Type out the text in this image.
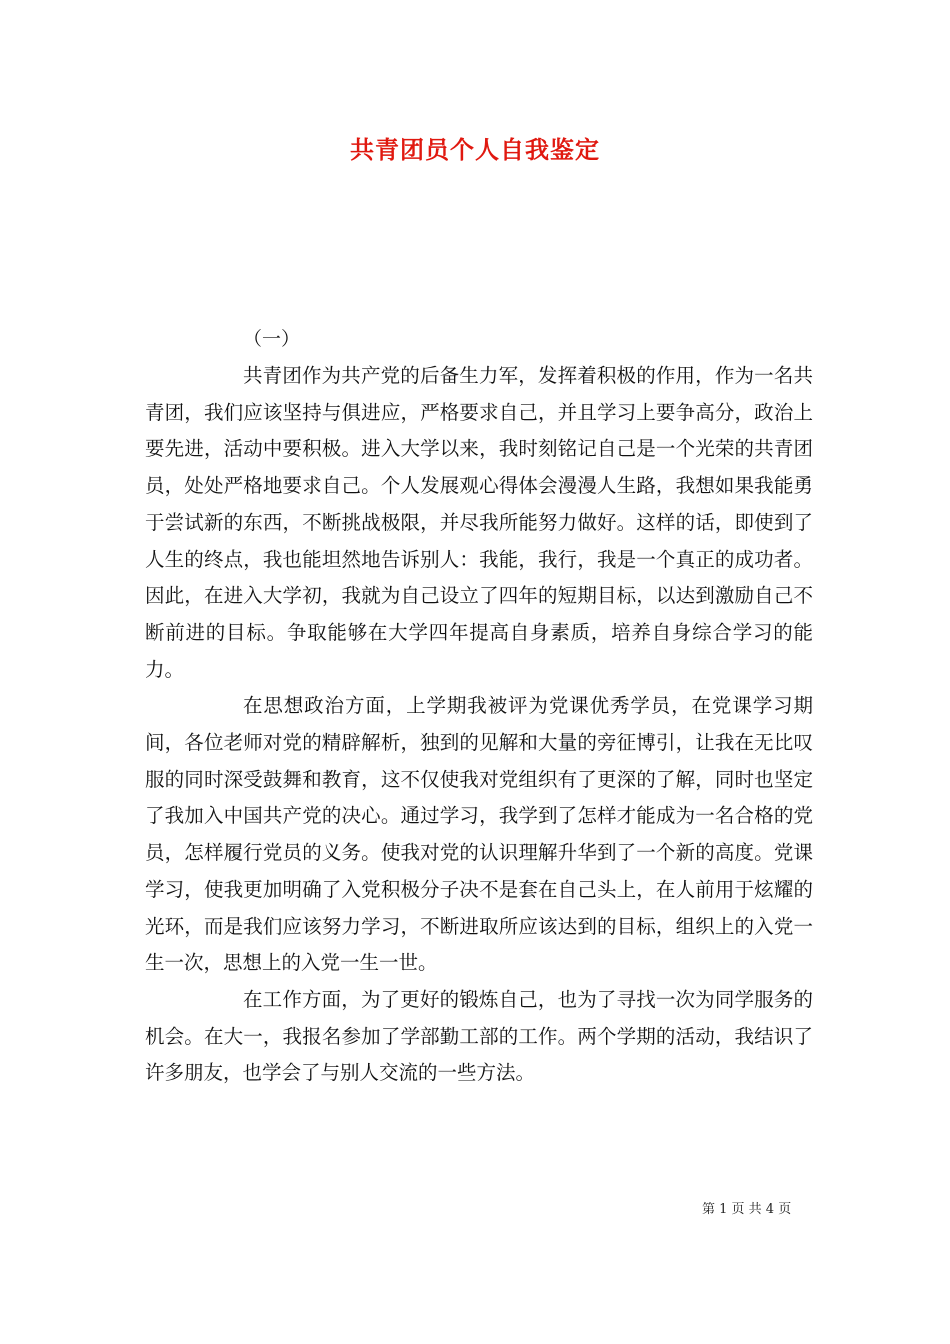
共青团员个人自我鉴定
（一）

共青团作为共产党的后备生力军，发挥着积极的作用，作为一名共青团，我们应该坚持与俱进应，严格要求自己，并且学习上要争高分，政治上要先进，活动中要积极。进入大学以来，我时刻铭记自己是一个光荣的共青团员，处处严格地要求自己。个人发展观心得体会漫漫人生路，我想如果我能勇于尝试新的东西，不断挑战极限，并尽我所能努力做好。这样的话，即使到了人生的终点，我也能坦然地告诉别人：我能，我行，我是一个真正的成功者。因此，在进入大学初，我就为自己设立了四年的短期目标，以达到激励自己不断前进的目标。争取能够在大学四年提高自身素质，培养自身综合学习的能力。

在思想政治方面，上学期我被评为党课优秀学员，在党课学习期间，各位老师对党的精辟解析，独到的见解和大量的旁征博引，让我在无比叹服的同时深受鼓舞和教育，这不仅使我对党组织有了更深的了解，同时也坚定了我加入中国共产党的决心。通过学习，我学到了怎样才能成为一名合格的党员，怎样履行党员的义务。使我对党的认识理解升华到了一个新的高度。党课学习，使我更加明确了入党积极分子决不是套在自己头上，在人前用于炫耀的光环，而是我们应该努力学习，不断进取所应该达到的目标，组织上的入党一生一次，思想上的入党一生一世。

在工作方面，为了更好的锻炼自己，也为了寻找一次为同学服务的机会。在大一，我报名参加了学部勤工部的工作。两个学期的活动，我结识了许多朋友，也学会了与别人交流的一些方法。

第 1 页 共 4 页
